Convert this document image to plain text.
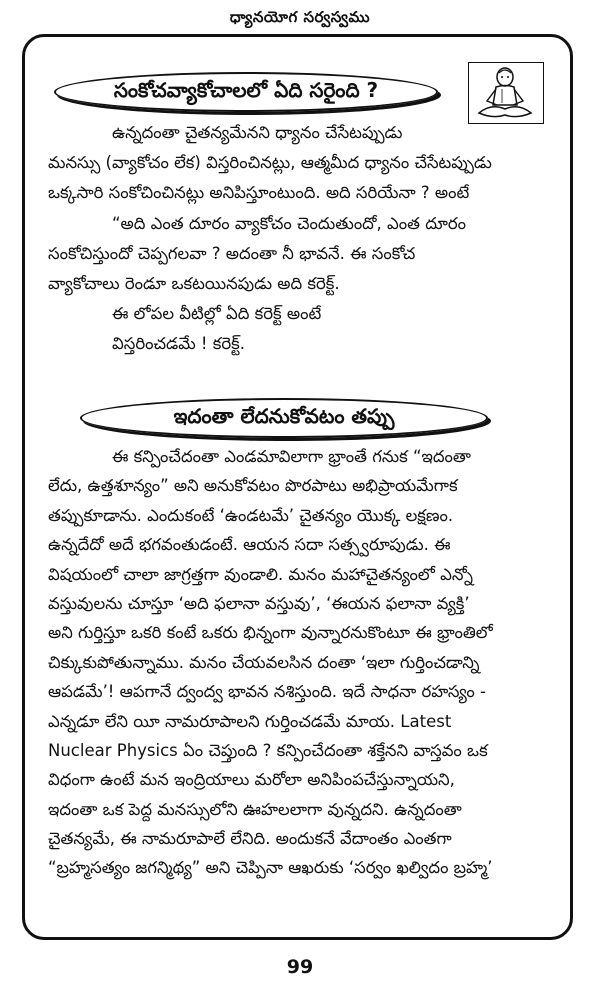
ధ్యానయోగ సర్వస్వము
సంకోచవ్యాకోచాలలో ఏది సరైంది ?
ఉన్నదంతా చైతన్యమేనని ధ్యానం చేసేటప్పుడు
మనస్సు (వ్యాకోచం లేక) విస్తరించినట్లు, ఆత్మమీద ధ్యానం చేసేటప్పుడు
ఒక్కసారి సంకోచించినట్లు అనిపిస్తూంటుంది. అది సరియేనా ? అంటే
“అది ఎంత దూరం వ్యాకోచం చెందుతుందో, ఎంత దూరం
సంకోచిస్తుందో చెప్పగలవా ? అదంతా నీ భావనే. ఈ సంకోచ
వ్యాకోచాలు రెండూ ఒకటయినపుడు అది కరెక్ట్.
ఈ లోపల వీటిల్లో ఏది కరెక్ట్ అంటే
విస్తరించడమే ! కరెక్ట్.
ఇదంతా లేదనుకోవటం తప్పు
ఈ కన్పించేదంతా ఎండమావిలాగా భ్రాంతే గనుక “ఇదంతా
లేదు, ఉత్తశూన్యం” అని అనుకోవటం పొరపాటు అభిప్రాయమేగాక
తప్పుకూడాను. ఎందుకంటే ‘ఉండటమే’ చైతన్యం యొక్క లక్షణం.
ఉన్నదేదో అదే భగవంతుడంటే. ఆయన సదా సత్స్వరూపుడు. ఈ
విషయంలో చాలా జాగ్రత్తగా వుండాలి. మనం మహాచైతన్యంలో ఎన్నో
వస్తువులను చూస్తూ ‘అది ఫలానా వస్తువు’, ‘ఈయన ఫలానా వ్యక్తి’
అని గుర్తిస్తూ ఒకరి కంటే ఒకరు భిన్నంగా వున్నారనుకొంటూ ఈ భ్రాంతిలో
చిక్కుకుపోతున్నాము. మనం చేయవలసిన దంతా ‘ఇలా గుర్తించడాన్ని
ఆపడమే’! ఆపగానే ద్వంద్వ భావన నశిస్తుంది. ఇదే సాధనా రహస్యం -
ఎన్నడూ లేని యీ నామరూపాలని గుర్తించడమే మాయ. Latest
Nuclear Physics ఏం చెప్తుంది ? కన్పించేదంతా శక్తేనని వాస్తవం ఒక
విధంగా ఉంటే మన ఇంద్రియాలు మరోలా అనిపింపచేస్తున్నాయని,
ఇదంతా ఒక పెద్ద మనస్సులోని ఊహలలాగా వున్నదని. ఉన్నదంతా
చైతన్యమే, ఈ నామరూపాలే లేనిది. అందుకనే వేదాంతం ఎంతగా
“బ్రహ్మసత్యం జగన్మిథ్య” అని చెప్పినా ఆఖరుకు ‘సర్వం ఖల్విదం బ్రహ్మ’
99
